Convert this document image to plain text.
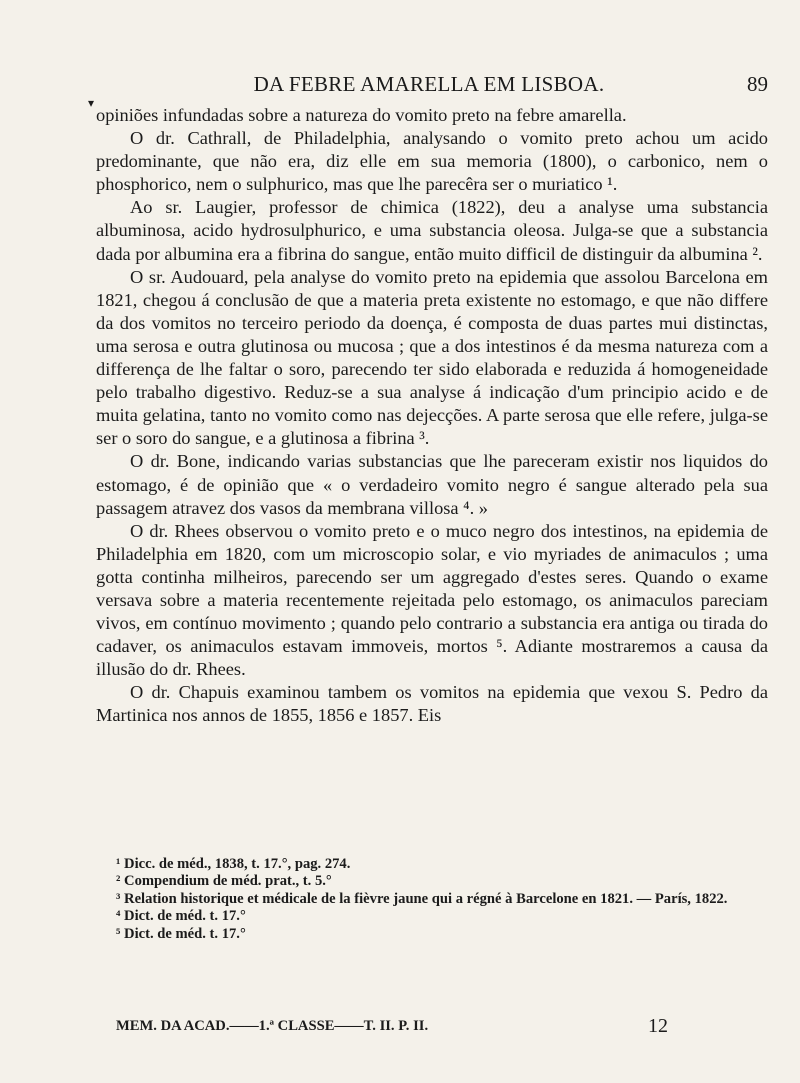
DA FEBRE AMARELLA EM LISBOA.	89
▾

opiniões infundadas sobre a natureza do vomito preto na febre amarella.

O dr. Cathrall, de Philadelphia, analysando o vomito preto achou um acido predominante, que não era, diz elle em sua memoria (1800), o carbonico, nem o phosphorico, nem o sulphurico, mas que lhe parecêra ser o muriatico ¹.

Ao sr. Laugier, professor de chimica (1822), deu a analyse uma substancia albuminosa, acido hydrosulphurico, e uma substancia oleosa. Julga-se que a substancia dada por albumina era a fibrina do sangue, então muito difficil de distinguir da albumina ².

O sr. Audouard, pela analyse do vomito preto na epidemia que assolou Barcelona em 1821, chegou á conclusão de que a materia preta existente no estomago, e que não differe da dos vomitos no terceiro periodo da doença, é composta de duas partes mui distinctas, uma serosa e outra glutinosa ou mucosa ; que a dos intestinos é da mesma natureza com a differença de lhe faltar o soro, parecendo ter sido elaborada e reduzida á homogeneidade pelo trabalho digestivo. Reduz-se a sua analyse á indicação d'um principio acido e de muita gelatina, tanto no vomito como nas dejecções. A parte serosa que elle refere, julga-se ser o soro do sangue, e a glutinosa a fibrina ³.

O dr. Bone, indicando varias substancias que lhe pareceram existir nos liquidos do estomago, é de opinião que « o verdadeiro vomito negro é sangue alterado pela sua passagem atravez dos vasos da membrana villosa ⁴. »

O dr. Rhees observou o vomito preto e o muco negro dos intestinos, na epidemia de Philadelphia em 1820, com um microscopio solar, e vio myriades de animaculos ; uma gotta continha milheiros, parecendo ser um aggregado d'estes seres. Quando o exame versava sobre a materia recentemente rejeitada pelo estomago, os animaculos pareciam vivos, em contínuo movimento ; quando pelo contrario a substancia era antiga ou tirada do cadaver, os animaculos estavam immoveis, mortos ⁵. Adiante mostraremos a causa da illusão do dr. Rhees.

O dr. Chapuis examinou tambem os vomitos na epidemia que vexou S. Pedro da Martinica nos annos de 1855, 1856 e 1857. Eis

¹ Dicc. de méd., 1838, t. 17.°, pag. 274.

² Compendium de méd. prat., t. 5.°

³ Relation historique et médicale de la fièvre jaune qui a régné à Barcelone en 1821. — París, 1822.

⁴ Dict. de méd. t. 17.°

⁵ Dict. de méd. t. 17.°

MEM. DA ACAD.——1.ª CLASSE——T. II. P. II.	12
